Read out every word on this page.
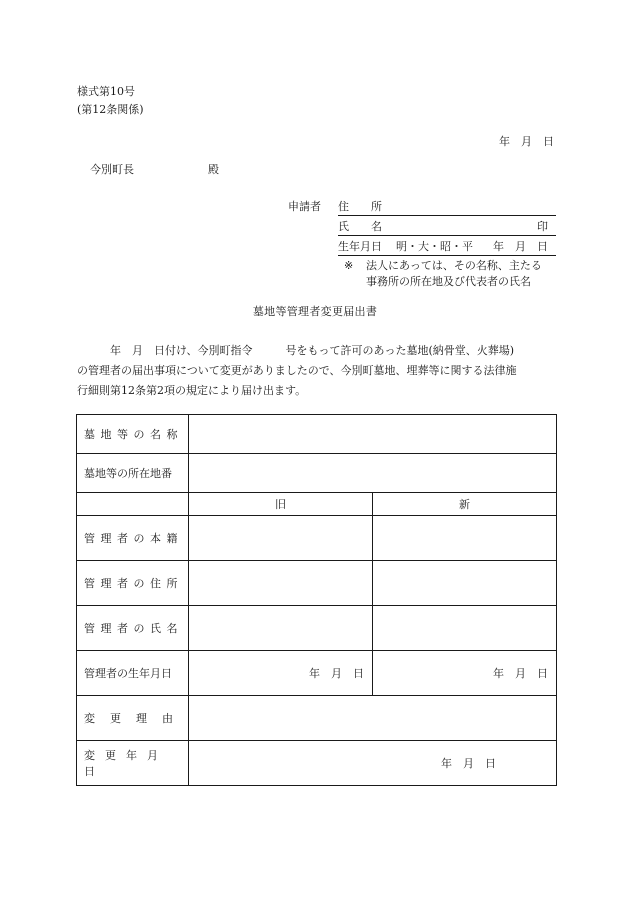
様式第10号
(第12条関係)
年　月　日
今別町長	殿
申請者 住　　所
氏　　名	印
生年月日 明・大・昭・平 年　月　日
※ 法人にあっては、その名称、主たる
事務所の所在地及び代表者の氏名
墓地等管理者変更届出書

　　　年　月　日付け、今別町指令　　　号をもって許可のあった墓地(納骨堂、火葬場)

の管理者の届出事項について変更がありましたので、今別町墓地、埋葬等に関する法律施

行細則第12条第2項の規定により届け出ます。

墓地等の名称		

墓地等の所在地番		

	旧	新

管理者の本籍		

管理者の住所		

管理者の氏名		

管理者の生年月日	年　月　日	年　月　日

変更理由		

変更年月日	年　月　日	
